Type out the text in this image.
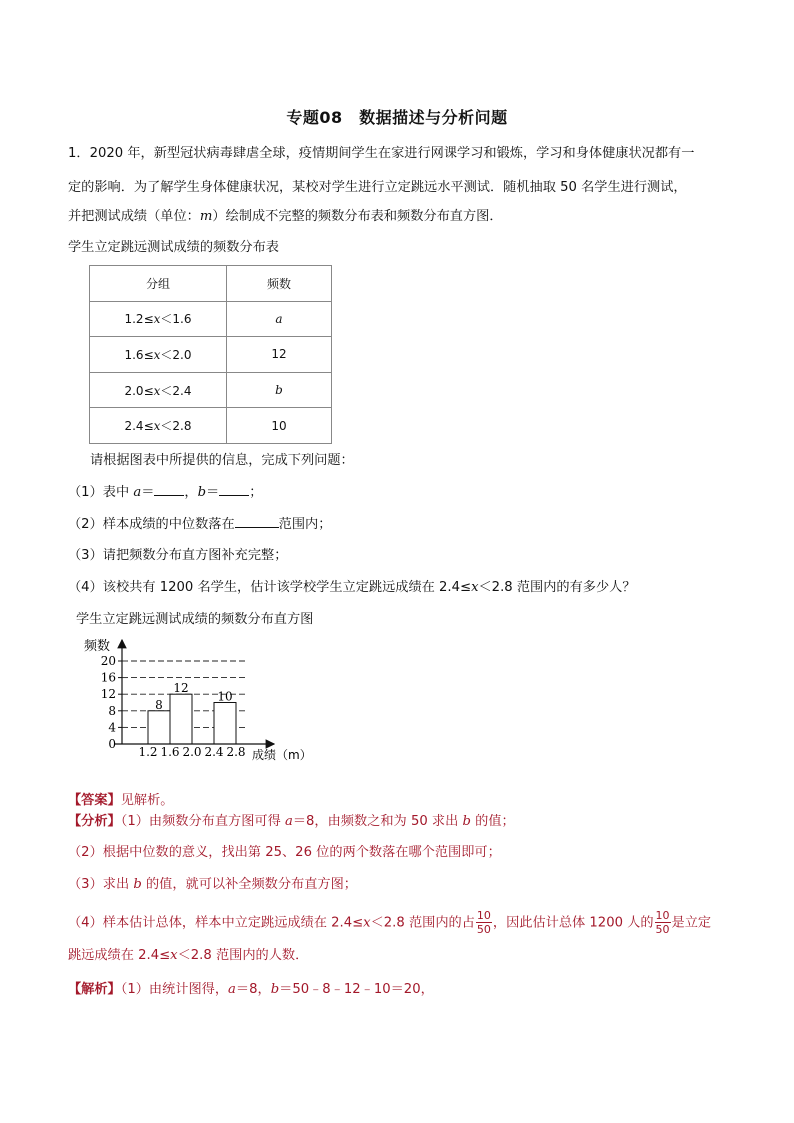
专题08　数据描述与分析问题
1．2020 年，新型冠状病毒肆虐全球，疫情期间学生在家进行网课学习和锻炼，学习和身体健康状况都有一
定的影响．为了解学生身体健康状况，某校对学生进行立定跳远水平测试．随机抽取 50 名学生进行测试，
并把测试成绩（单位：m）绘制成不完整的频数分布表和频数分布直方图．
学生立定跳远测试成绩的频数分布表
分组	频数
1.2≤x＜1.6	a
1.6≤x＜2.0	12
2.0≤x＜2.4	b
2.4≤x＜2.8	10
请根据图表中所提供的信息，完成下列问题：
（1）表中 a＝ ，b＝ ；
（2）样本成绩的中位数落在	范围内；
（3）请把频数分布直方图补充完整；
（4）该校共有 1200 名学生，估计该学校学生立定跳远成绩在 2.4≤x＜2.8 范围内的有多少人？
学生立定跳远测试成绩的频数分布直方图
频数
成绩（m）
0
4
8
12
16
20
1.2 1.6 2.0 2.4 2.8
8
12
10
【答案】见解析。
【分析】（1）由频数分布直方图可得 a＝8，由频数之和为 50 求出 b 的值；
（2）根据中位数的意义，找出第 25、26 位的两个数落在哪个范围即可；
（3）求出 b 的值，就可以补全频数分布直方图；
（4）样本估计总体，样本中立定跳远成绩在 2.4≤x＜2.8 范围内的占 $\frac{10}{50}$ ，因此估计总体 1200 人的 $\frac{10}{50}$ 是立定
跳远成绩在 2.4≤x＜2.8 范围内的人数．
【解析】（1）由统计图得，a＝8，b＝50﹣8﹣12﹣10＝20，
